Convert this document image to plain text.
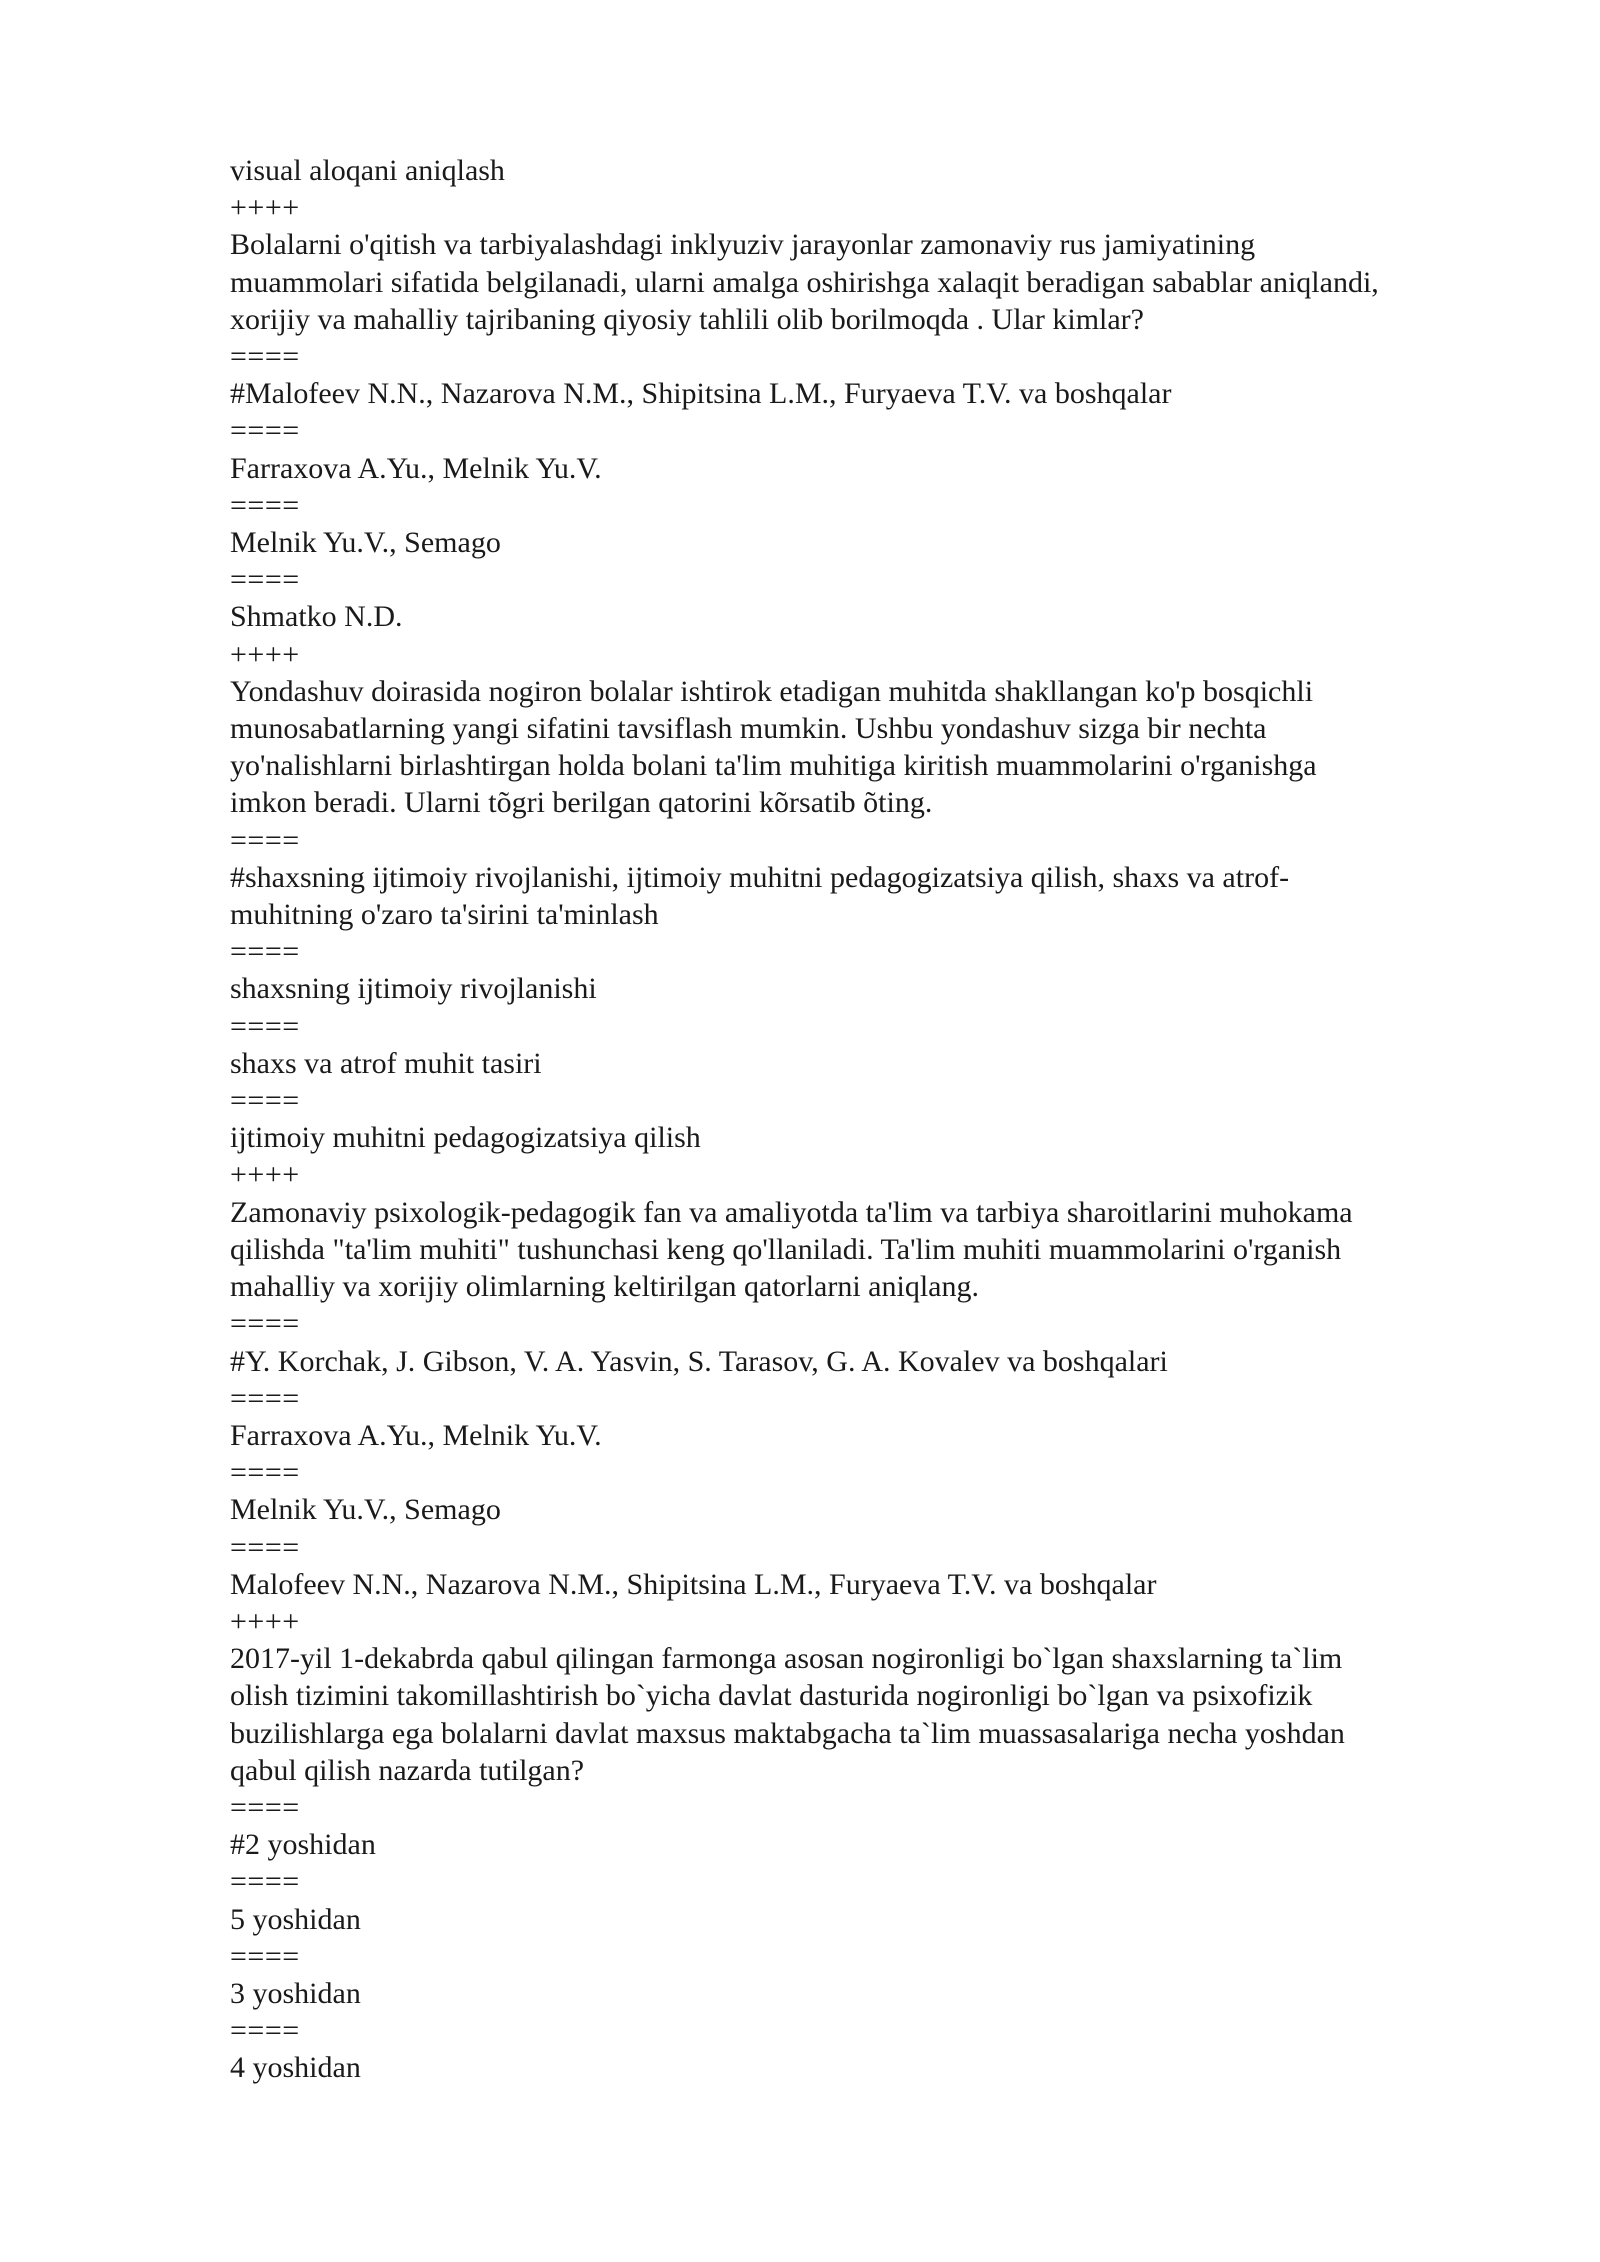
visual aloqani aniqlash
++++
Bolalarni o'qitish va tarbiyalashdagi inklyuziv jarayonlar zamonaviy rus jamiyatining
muammolari sifatida belgilanadi, ularni amalga oshirishga xalaqit beradigan sabablar aniqlandi,
xorijiy va mahalliy tajribaning qiyosiy tahlili olib borilmoqda . Ular kimlar?
====
#Malofeev N.N., Nazarova N.M., Shipitsina L.M., Furyaeva T.V. va boshqalar
====
Farraxova A.Yu., Melnik Yu.V.
====
Melnik Yu.V., Semago
====
Shmatko N.D.
++++
Yondashuv doirasida nogiron bolalar ishtirok etadigan muhitda shakllangan ko'p bosqichli
munosabatlarning yangi sifatini tavsiflash mumkin. Ushbu yondashuv sizga bir nechta
yo'nalishlarni birlashtirgan holda bolani ta'lim muhitiga kiritish muammolarini o'rganishga
imkon beradi. Ularni tõgri berilgan qatorini kõrsatib õting.
====
#shaxsning ijtimoiy rivojlanishi, ijtimoiy muhitni pedagogizatsiya qilish, shaxs va atrof-
muhitning o'zaro ta'sirini ta'minlash
====
shaxsning ijtimoiy rivojlanishi
====
shaxs va atrof muhit tasiri
====
ijtimoiy muhitni pedagogizatsiya qilish
++++
Zamonaviy psixologik-pedagogik fan va amaliyotda ta'lim va tarbiya sharoitlarini muhokama
qilishda "ta'lim muhiti" tushunchasi keng qo'llaniladi. Ta'lim muhiti muammolarini o'rganish
mahalliy va xorijiy olimlarning keltirilgan qatorlarni aniqlang.
====
#Y. Korchak, J. Gibson, V. A. Yasvin, S. Tarasov, G. A. Kovalev va boshqalari
====
Farraxova A.Yu., Melnik Yu.V.
====
Melnik Yu.V., Semago
====
Malofeev N.N., Nazarova N.M., Shipitsina L.M., Furyaeva T.V. va boshqalar
++++
2017-yil 1-dekabrda qabul qilingan farmonga asosan nogironligi bo`lgan shaxslarning ta`lim
olish tizimini takomillashtirish bo`yicha davlat dasturida nogironligi bo`lgan va psixofizik
buzilishlarga ega bolalarni davlat maxsus maktabgacha ta`lim muassasalariga necha yoshdan
qabul qilish nazarda tutilgan?
====
#2 yoshidan
====
5 yoshidan
====
3 yoshidan
====
4 yoshidan
